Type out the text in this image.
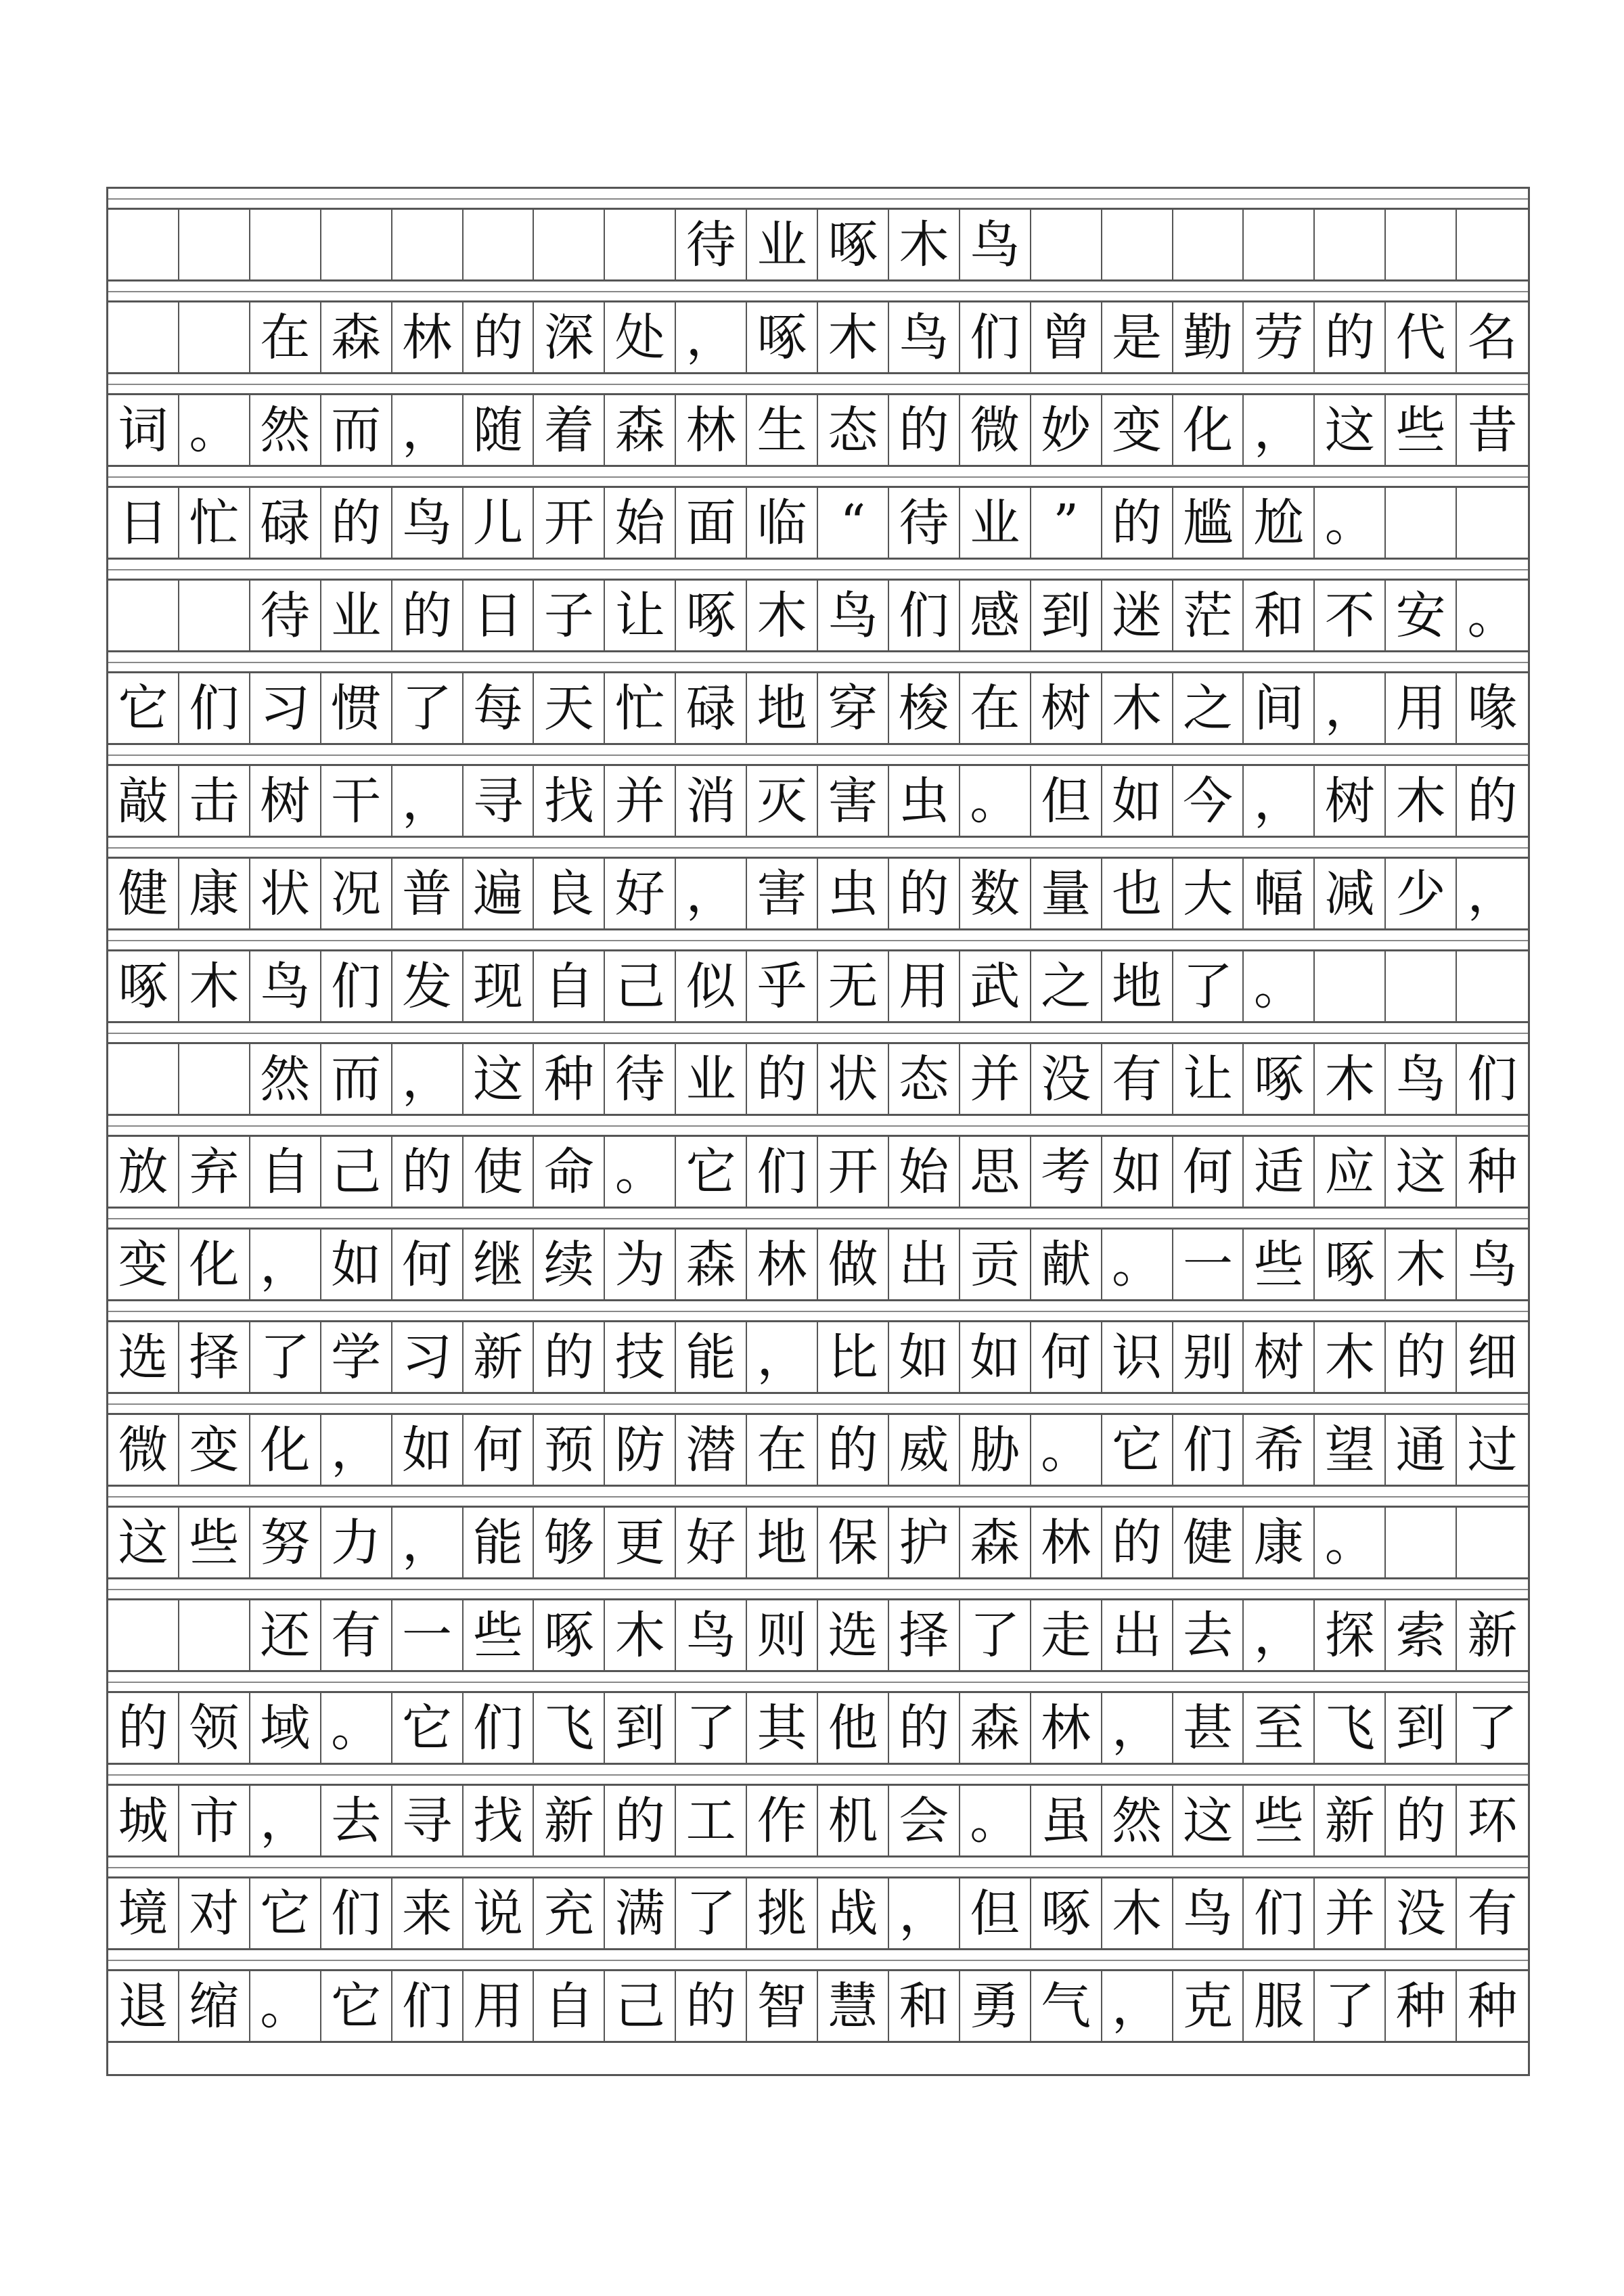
待 业 啄 木 鸟
在 森 林 的 深 处 ， 啄 木 鸟 们 曾 是 勤 劳 的 代 名
词 。 然 而 ， 随 着 森 林 生 态 的 微 妙 变 化 ， 这 些 昔
日 忙 碌 的 鸟 儿 开 始 面 临 “ 待 业 ” 的 尴 尬 。
待 业 的 日 子 让 啄 木 鸟 们 感 到 迷 茫 和 不 安 。
它 们 习 惯 了 每 天 忙 碌 地 穿 梭 在 树 木 之 间 ， 用 喙
敲 击 树 干 ， 寻 找 并 消 灭 害 虫 。 但 如 今 ， 树 木 的
健 康 状 况 普 遍 良 好 ， 害 虫 的 数 量 也 大 幅 减 少 ，
啄 木 鸟 们 发 现 自 己 似 乎 无 用 武 之 地 了 。
然 而 ， 这 种 待 业 的 状 态 并 没 有 让 啄 木 鸟 们
放 弃 自 己 的 使 命 。 它 们 开 始 思 考 如 何 适 应 这 种
变 化 ， 如 何 继 续 为 森 林 做 出 贡 献 。 一 些 啄 木 鸟
选 择 了 学 习 新 的 技 能 ， 比 如 如 何 识 别 树 木 的 细
微 变 化 ， 如 何 预 防 潜 在 的 威 胁 。 它 们 希 望 通 过
这 些 努 力 ， 能 够 更 好 地 保 护 森 林 的 健 康 。
还 有 一 些 啄 木 鸟 则 选 择 了 走 出 去 ， 探 索 新
的 领 域 。 它 们 飞 到 了 其 他 的 森 林 ， 甚 至 飞 到 了
城 市 ， 去 寻 找 新 的 工 作 机 会 。 虽 然 这 些 新 的 环
境 对 它 们 来 说 充 满 了 挑 战 ， 但 啄 木 鸟 们 并 没 有
退 缩 。 它 们 用 自 己 的 智 慧 和 勇 气 ， 克 服 了 种 种
